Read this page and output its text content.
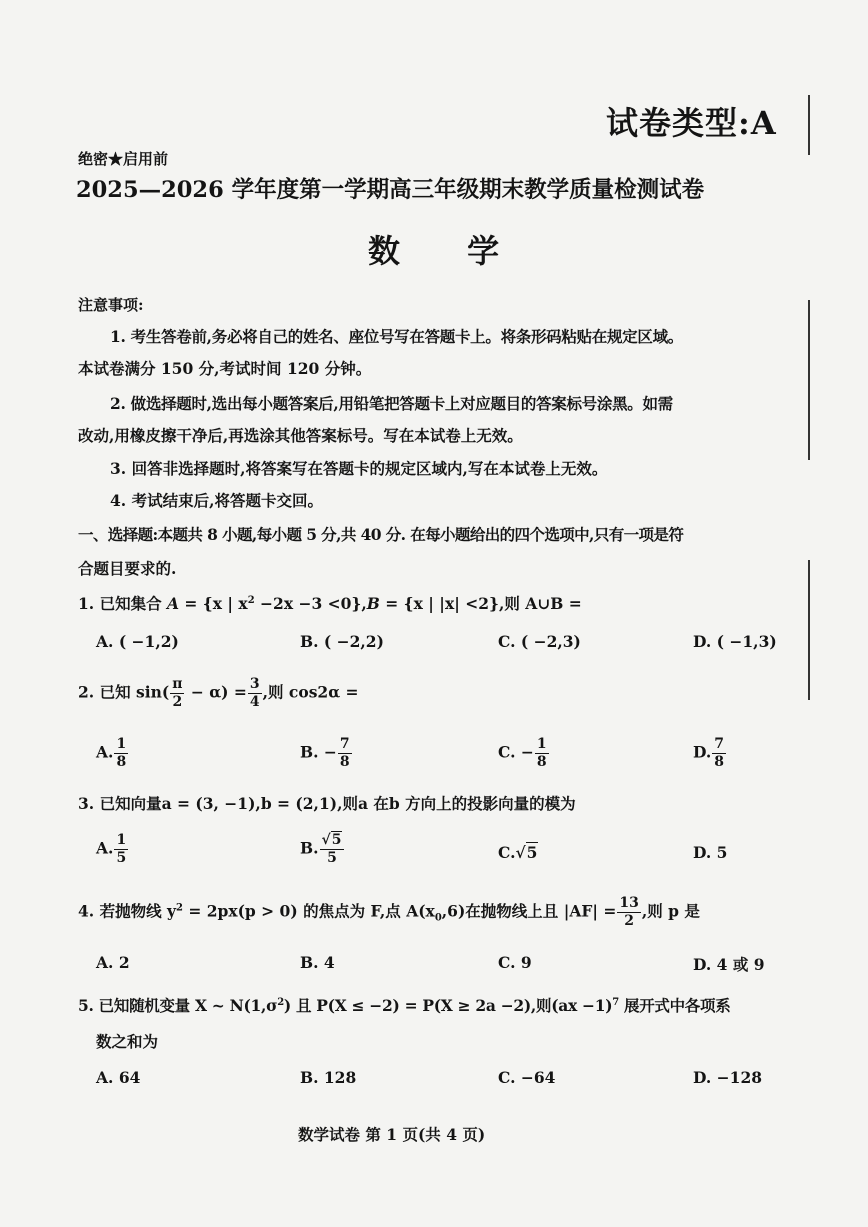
试卷类型:A
绝密★启用前
2025—2026 学年度第一学期高三年级期末教学质量检测试卷
数 学
注意事项:
1. 考生答卷前,务必将自己的姓名、座位号写在答题卡上。将条形码粘贴在规定区域。
本试卷满分 150 分,考试时间 120 分钟。
2. 做选择题时,选出每小题答案后,用铅笔把答题卡上对应题目的答案标号涂黑。如需
改动,用橡皮擦干净后,再选涂其他答案标号。写在本试卷上无效。
3. 回答非选择题时,将答案写在答题卡的规定区域内,写在本试卷上无效。
4. 考试结束后,将答题卡交回。
一、选择题:本题共 8 小题,每小题 5 分,共 40 分. 在每小题给出的四个选项中,只有一项是符
合题目要求的.
1. 已知集合 A = {x | $x^2 -2x -3 <0\},B = \{x$ | |x| <2},则 A∪B =
A. ( −1,2)	B. ( −2,2)	C. ( −2,3)	D. ( −1,3)
2. 已知 $\sin( \frac{\pi}{2} - \alpha) = \frac{3}{4}$ ,则 cos2α =
A. $\frac{1}{8}$	B. − $\frac{7}{8}$	C. − $\frac{1}{8}$	D. $\frac{7}{8}$
3. 已知向量a = (3, −1),b = (2,1),则a 在b 方向上的投影向量的模为
A. $\frac{1}{5}$	B. $\frac{√5}{5}$	C.√5	D. 5
4. 若抛物线 $y^2 = 2px(p > 0)$ 的焦点为 F,点 $A(x_0,6)$在抛物线上且 $|AF| = \frac{13}{2}$ ,则 p 是
A. 2	B. 4	C. 9	D. 4 或 9
5. 已知随机变量 X ~ $N(1,\sigma^2)$ 且 P(X ≤ −2) = P(X ≥ 2a −2),则(ax −1)$^7$ 展开式中各项系
数之和为
A. 64	B. 128	C. −64	D. −128
数学试卷 第 1 页(共 4 页)
